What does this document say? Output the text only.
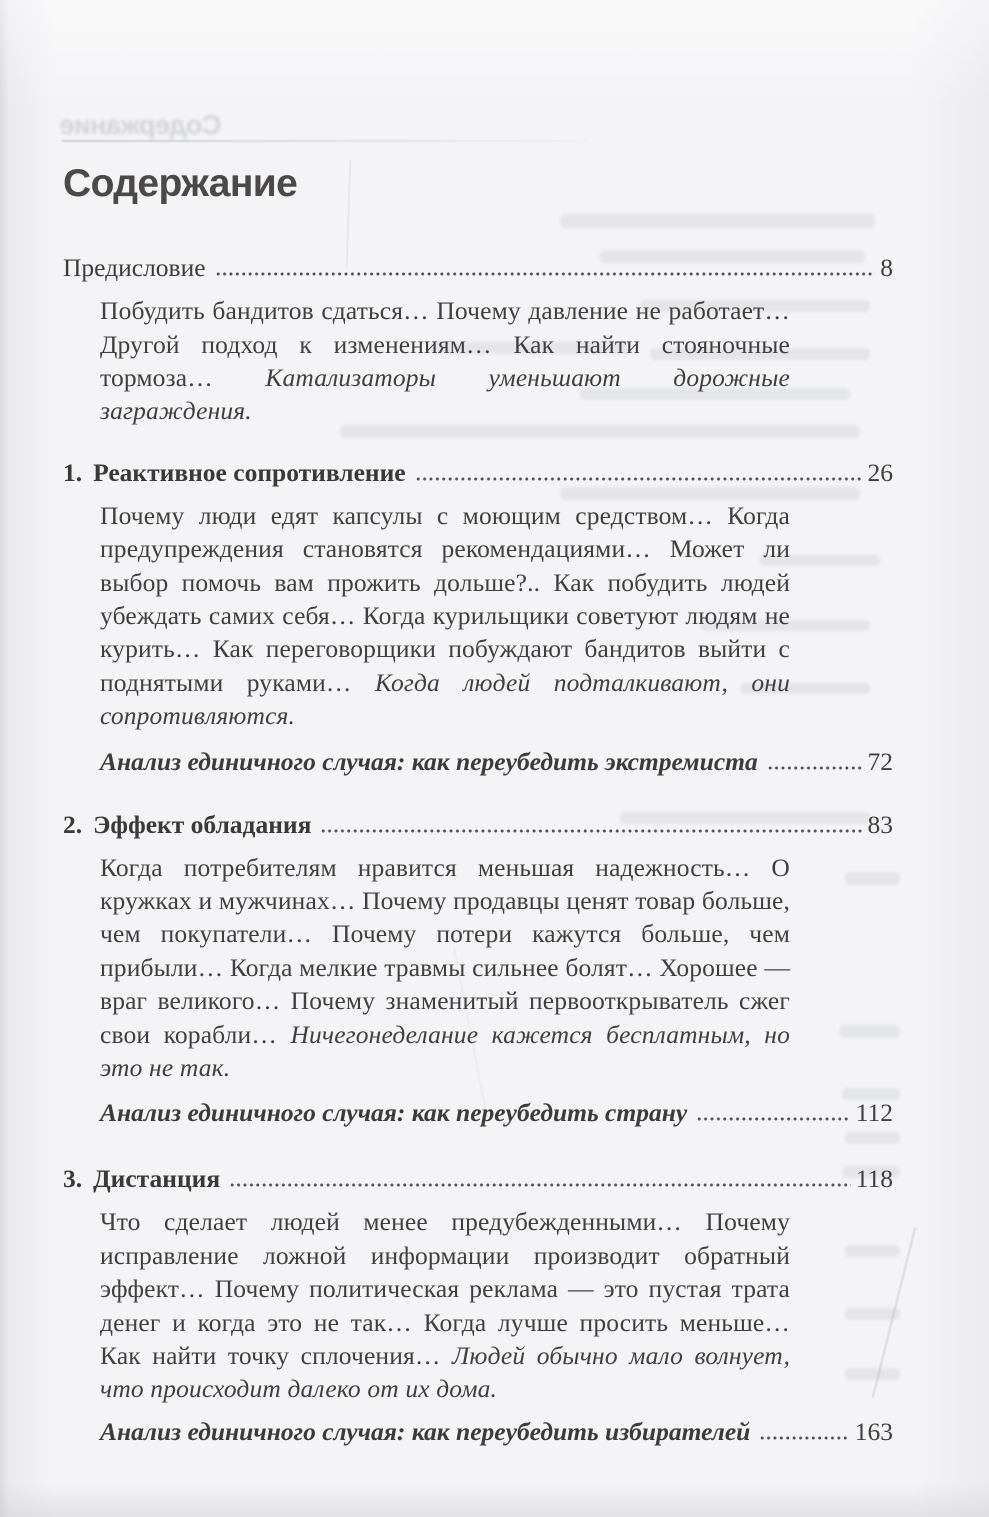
Содержание
Содержание
Предисловие	8
Побудить бандитов сдаться… Почему давление не работает… Другой подход к изменениям… Как найти стояночные тормоза… Катализаторы уменьшают дорожные заграждения.
1. Реактивное сопротивление	26
Почему люди едят капсулы с моющим средством… Когда предупреждения становятся рекомендациями… Может ли выбор помочь вам прожить дольше?.. Как побудить людей убеждать самих себя… Когда курильщики советуют людям не курить… Как переговорщики побуждают бандитов выйти с поднятыми руками… Когда людей подталкивают, они сопротивляются.
Анализ единичного случая: как переубедить экстремиста	72
2. Эффект обладания	83
Когда потребителям нравится меньшая надежность… О кружках и мужчинах… Почему продавцы ценят товар больше, чем покупатели… Почему потери кажутся больше, чем прибыли… Когда мелкие травмы сильнее болят… Хорошее — враг великого… Почему знаменитый первооткрыватель сжег свои корабли… Ничегонеделание кажется бесплатным, но это не так.
Анализ единичного случая: как переубедить страну	112
3. Дистанция	118
Что сделает людей менее предубежденными… Почему исправление ложной информации производит обратный эффект… Почему политическая реклама — это пустая трата денег и когда это не так… Когда лучше просить меньше… Как найти точку сплочения… Людей обычно мало волнует, что происходит далеко от их дома.
Анализ единичного случая: как переубедить избирателей	163
